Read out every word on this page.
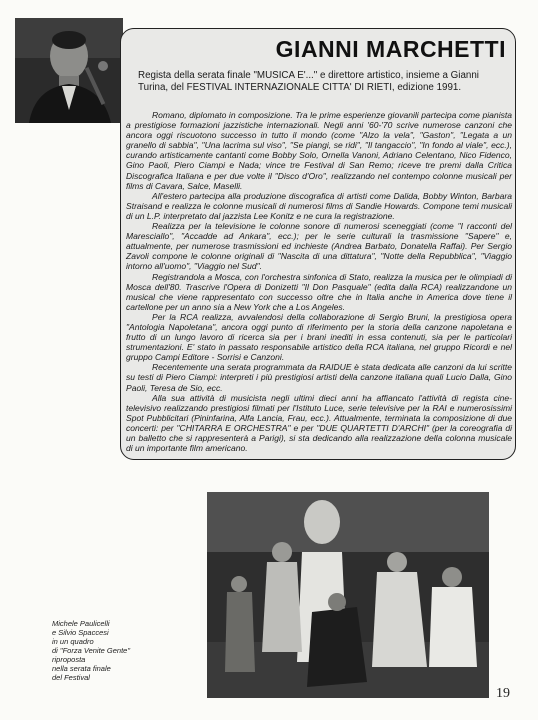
GIANNI MARCHETTI

Regista della serata finale "MUSICA E'..." e direttore artistico, insieme a Gianni Turina, del FESTIVAL INTERNAZIONALE CITTA' DI RIETI, edizione 1991.

Romano, diplomato in composizione. Tra le prime esperienze giovanili partecipa come pianista a prestigiose formazioni jazzistiche internazionali. Negli anni '60-'70 scrive numerose canzoni che ancora oggi riscuotono successo in tutto il mondo (come "Alzo la vela", "Gaston", "Legata a un granello di sabbia", "Una lacrima sul viso", "Se piangi, se ridi", "Il tangaccio", "In fondo al viale", ecc.), curando artisticamente cantanti come Bobby Solo, Ornella Vanoni, Adriano Celentano, Nico Fidenco, Gino Paoli, Piero Ciampi e Nada; vince tre Festival di San Remo; riceve tre premi dalla Critica Discografica Italiana e per due volte il "Disco d'Oro", realizzando nel contempo colonne musicali per films di Cavara, Salce, Maselli.

All'estero partecipa alla produzione discografica di artisti come Dalida, Bobby Winton, Barbara Straisand e realizza le colonne musicali di numerosi films di Sandie Howards. Compone temi musicali di un L.P. interpretato dal jazzista Lee Konitz e ne cura la registrazione.

Realizza per la televisione le colonne sonore di numerosi sceneggiati (come "I racconti del Maresciallo", "Accadde ad Ankara", ecc.); per le serie culturali la trasmissione "Sapere" e, attualmente, per numerose trasmissioni ed inchieste (Andrea Barbato, Donatella Raffai). Per Sergio Zavoli compone le colonne originali di "Nascita di una dittatura", "Notte della Repubblica", "Viaggio intorno all'uomo", "Viaggio nel Sud".

Registrandola a Mosca, con l'orchestra sinfonica di Stato, realizza la musica per le olimpiadi di Mosca dell'80. Trascrive l'Opera di Donizetti "Il Don Pasquale" (edita dalla RCA) realizzandone un musical che viene rappresentato con successo oltre che in Italia anche in America dove tiene il cartellone per un anno sia a New York che a Los Angeles.

Per la RCA realizza, avvalendosi della collaborazione di Sergio Bruni, la prestigiosa opera "Antologia Napoletana", ancora oggi punto di riferimento per la storia della canzone napoletana e frutto di un lungo lavoro di ricerca sia per i brani inediti in essa contenuti, sia per le particolari strumentazioni. E' stato in passato responsabile artistico della RCA italiana, nel gruppo Ricordi e nel gruppo Campi Editore - Sorrisi e Canzoni.

Recentemente una serata programmata da RAIDUE è stata dedicata alle canzoni da lui scritte su testi di Piero Ciampi: interpreti i più prestigiosi artisti della canzone italiana quali Lucio Dalla, Gino Paoli, Teresa de Sio, ecc.

Alla sua attività di musicista negli ultimi dieci anni ha affiancato l'attività di regista cine-televisivo realizzando prestigiosi filmati per l'Istituto Luce, serie televisive per la RAI e numerosissimi Spot Pubblicitari (Pininfarina, Alfa Lancia, Frau, ecc.). Attualmente, terminata la composizione di due concerti: per "CHITARRA E ORCHESTRA" e per "DUE QUARTETTI D'ARCHI" (per la coreografia di un balletto che si rappresenterà a Parigi), si sta dedicando alla realizzazione della colonna musicale di un importante film americano.

Michele Paulicelli
e Silvio Spaccesi
in un quadro
di "Forza Venite Gente"
riproposta
nella serata finale
del Festival

19
